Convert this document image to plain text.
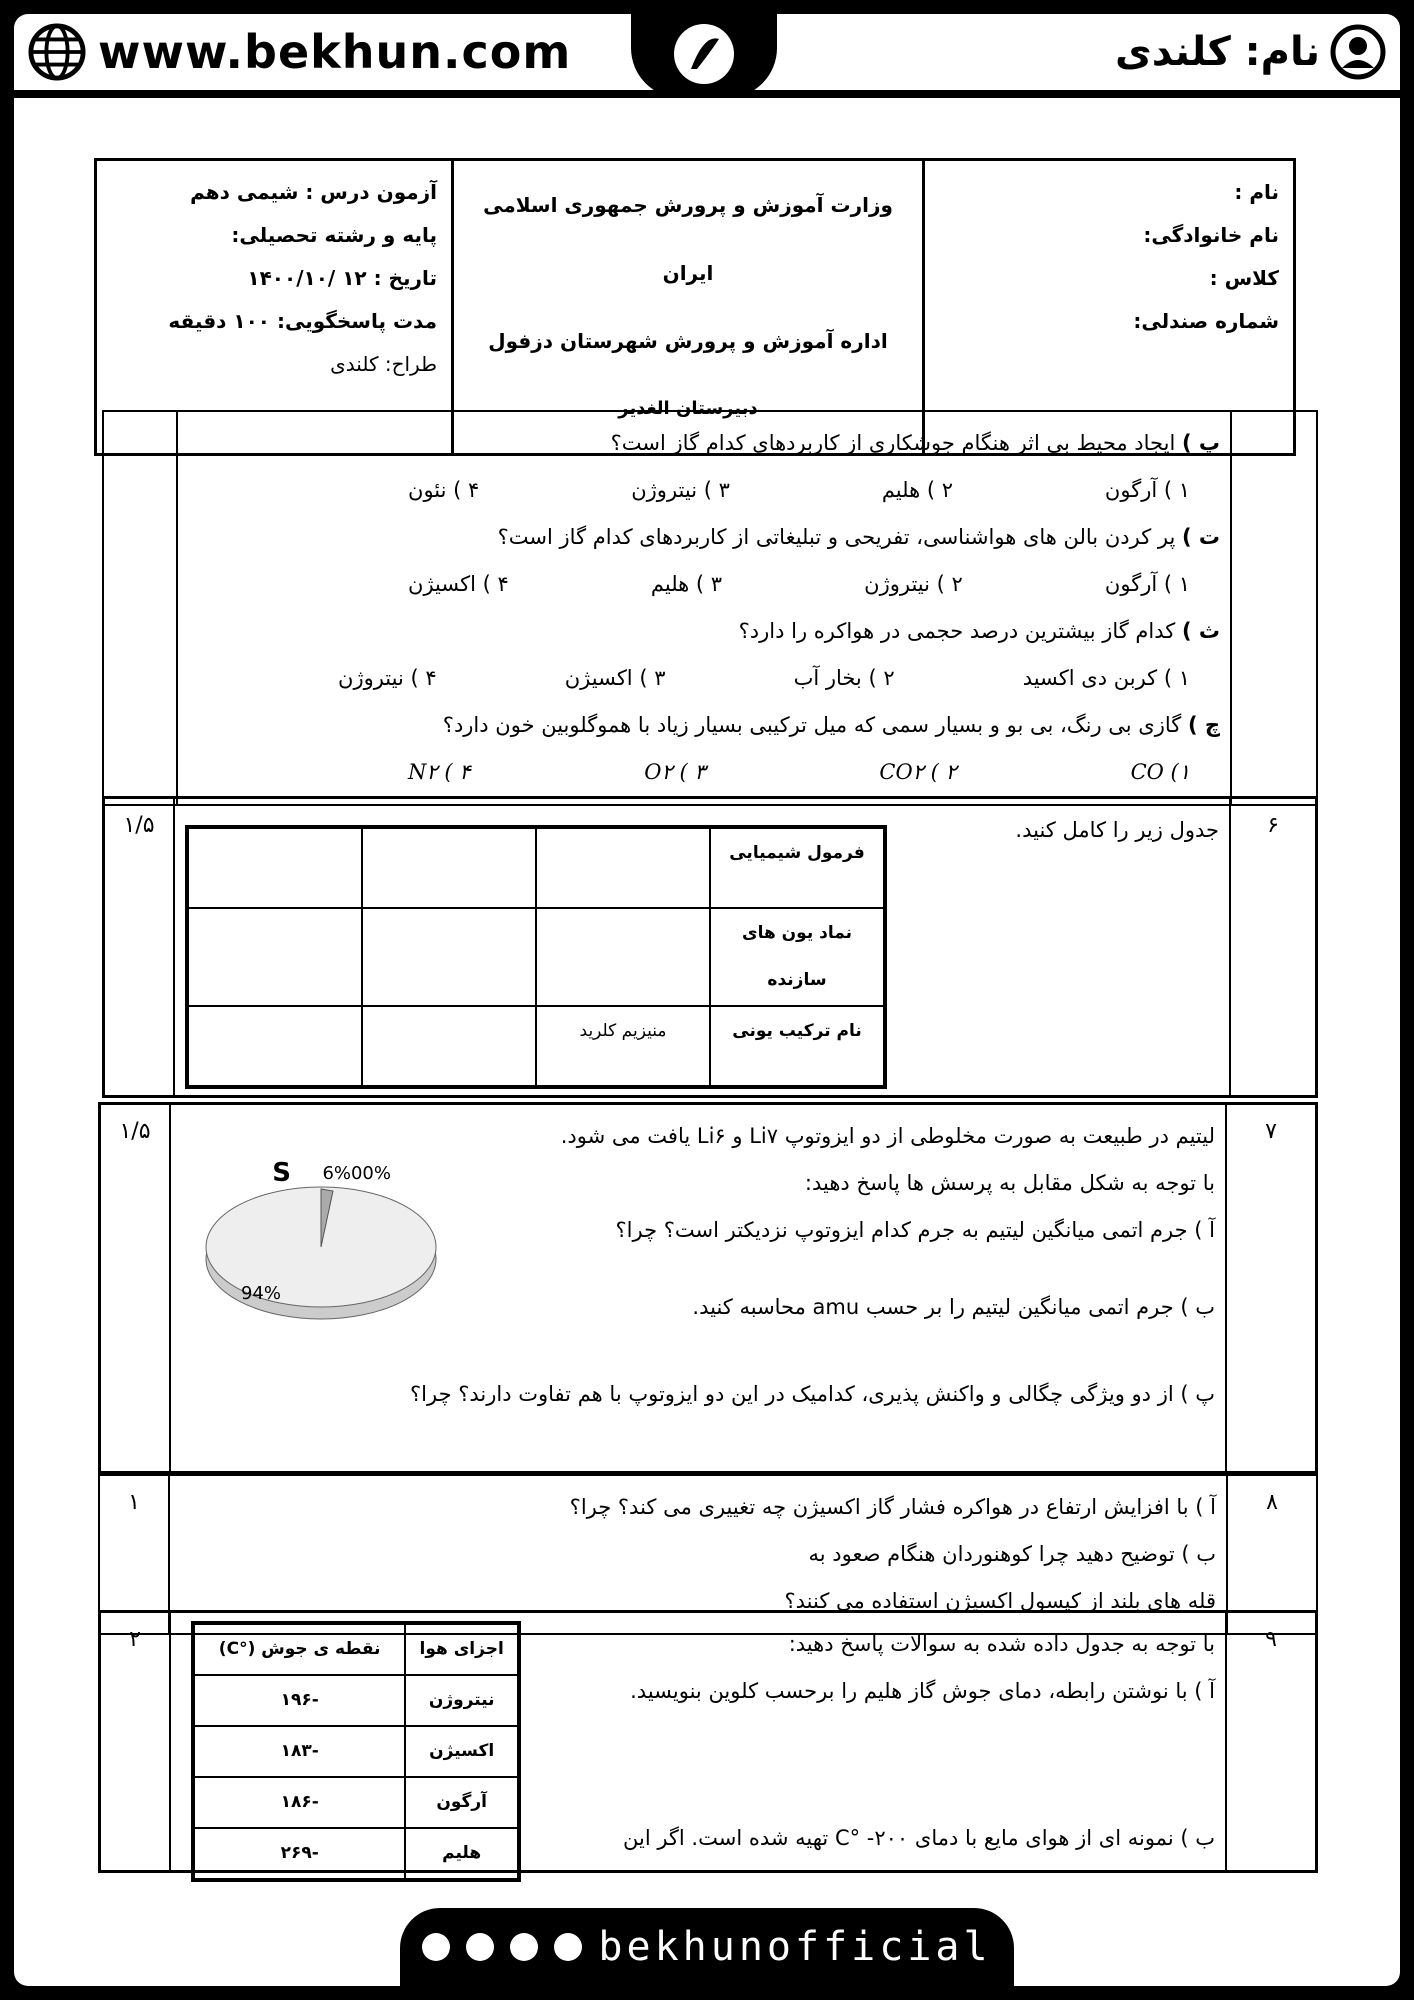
www.bekhun.com	نام: کلندی
نام :
نام خانوادگی:
کلاس :
شماره صندلی:

وزارت آموزش و پرورش جمهوری اسلامی ایران
اداره آموزش و پرورش شهرستان دزفول
دبیرستان الغدیر

آزمون درس : شیمی دهم
پایه و رشته تحصیلی:
تاریخ : ۱۲ /۱۴۰۰/۱۰
مدت پاسخگویی: ۱۰۰ دقیقه
طراح: کلندی

پ ) ایجاد محیط بی اثر هنگام جوشکاری از کاربردهای کدام گاز است؟
۱ ) آرگون
۲ ) هلیم
۳ ) نیتروژن
۴ ) نئون
ت ) پر کردن بالن های هواشناسی، تفریحی و تبلیغاتی از کاربردهای کدام گاز است؟
۱ ) آرگون
۲ ) نیتروژن
۳ ) هلیم
۴ ) اکسیژن
ث ) کدام گاز بیشترین درصد حجمی در هواکره را دارد؟
۱ ) کربن دی اکسید
۲ ) بخار آب
۳ ) اکسیژن
۴ ) نیتروژن
چ ) گازی بی رنگ، بی بو و بسیار سمی که میل ترکیبی بسیار زیاد با هموگلوبین خون دارد؟
CO (۱
CO۲ ( ۲
O۲ ( ۳
N۲ ( ۴

۶	
جدول زیر را کامل کنید.
فرمول شیمیایی			
نماد یون های سازنده			
نام ترکیب یونی	منیزیم کلرید		
	۱/۵
۷	
لیتیم در طبیعت به صورت مخلوطی از دو ایزوتوپ Li۷ و Li۶ یافت می شود.
با توجه به شکل مقابل به پرسش ها پاسخ دهید:
آ ) جرم اتمی میانگین لیتیم به جرم کدام ایزوتوپ نزدیکتر است؟ چرا؟
ب ) جرم اتمی میانگین لیتیم را بر حسب amu محاسبه کنید.
پ ) از دو ویژگی چگالی و واکنش پذیری، کدامیک در این دو ایزوتوپ با هم تفاوت دارند؟ چرا؟
94%
6% 00%
S
	۱/۵
۸	
آ ) با افزایش ارتفاع در هواکره فشار گاز اکسیژن چه تغییری می کند؟ چرا؟
ب ) توضیح دهید چرا کوهنوردان هنگام صعود به
قله های بلند از کپسول اکسیژن استفاده می کنند؟
	۱
۹	
با توجه به جدول داده شده به سوالات پاسخ دهید:
آ ) با نوشتن رابطه، دمای جوش گاز هلیم را برحسب کلوین بنویسید.
ب ) نمونه ای از هوای مایع با دمای ۲۰۰- °C تهیه شده است. اگر این
اجزای هوا	نقطه ی جوش (°C)
نیتروژن	-۱۹۶
اکسیژن	-۱۸۳
آرگون	-۱۸۶
هلیم	-۲۶۹
	۲
bekhunofficial
